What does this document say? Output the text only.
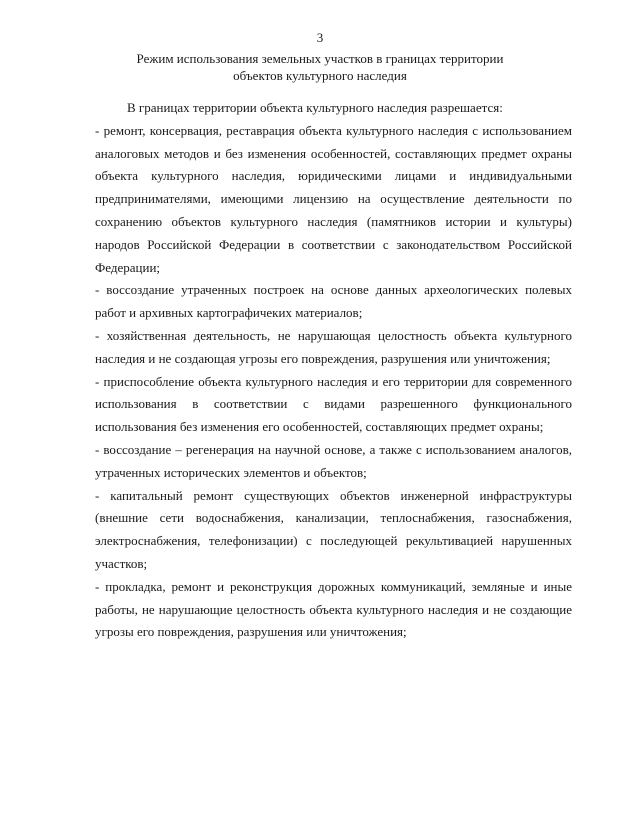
3
Режим использования земельных участков в границах территории
объектов культурного наследия

В границах территории объекта культурного наследия разрешается:

- ремонт, консервация, реставрация объекта культурного наследия с использованием аналоговых методов и без изменения особенностей, составляющих предмет охраны объекта культурного наследия, юридическими лицами и индивидуальными предпринимателями, имеющими лицензию на осуществление деятельности по сохранению объектов культурного наследия (памятников истории и культуры) народов Российской Федерации в соответствии с законодательством Российской Федерации;

- воссоздание утраченных построек на основе данных археологических полевых работ и архивных картографичеких материалов;

- хозяйственная деятельность, не нарушающая целостность объекта культурного наследия и не создающая угрозы его повреждения, разрушения или уничтожения;

- приспособление объекта культурного наследия и его территории для современного использования в соответствии с видами разрешенного функционального использования без изменения его особенностей, составляющих предмет охраны;

- воссоздание – регенерация на научной основе, а также с использованием аналогов, утраченных исторических элементов и объектов;

- капитальный ремонт существующих объектов инженерной инфраструктуры (внешние сети водоснабжения, канализации, теплоснабжения, газоснабжения, электроснабжения, телефонизации) с последующей рекультивацией нарушенных участков;

- прокладка, ремонт и реконструкция дорожных коммуникаций, земляные и иные работы, не нарушающие целостность объекта культурного наследия и не создающие угрозы его повреждения, разрушения или уничтожения;
